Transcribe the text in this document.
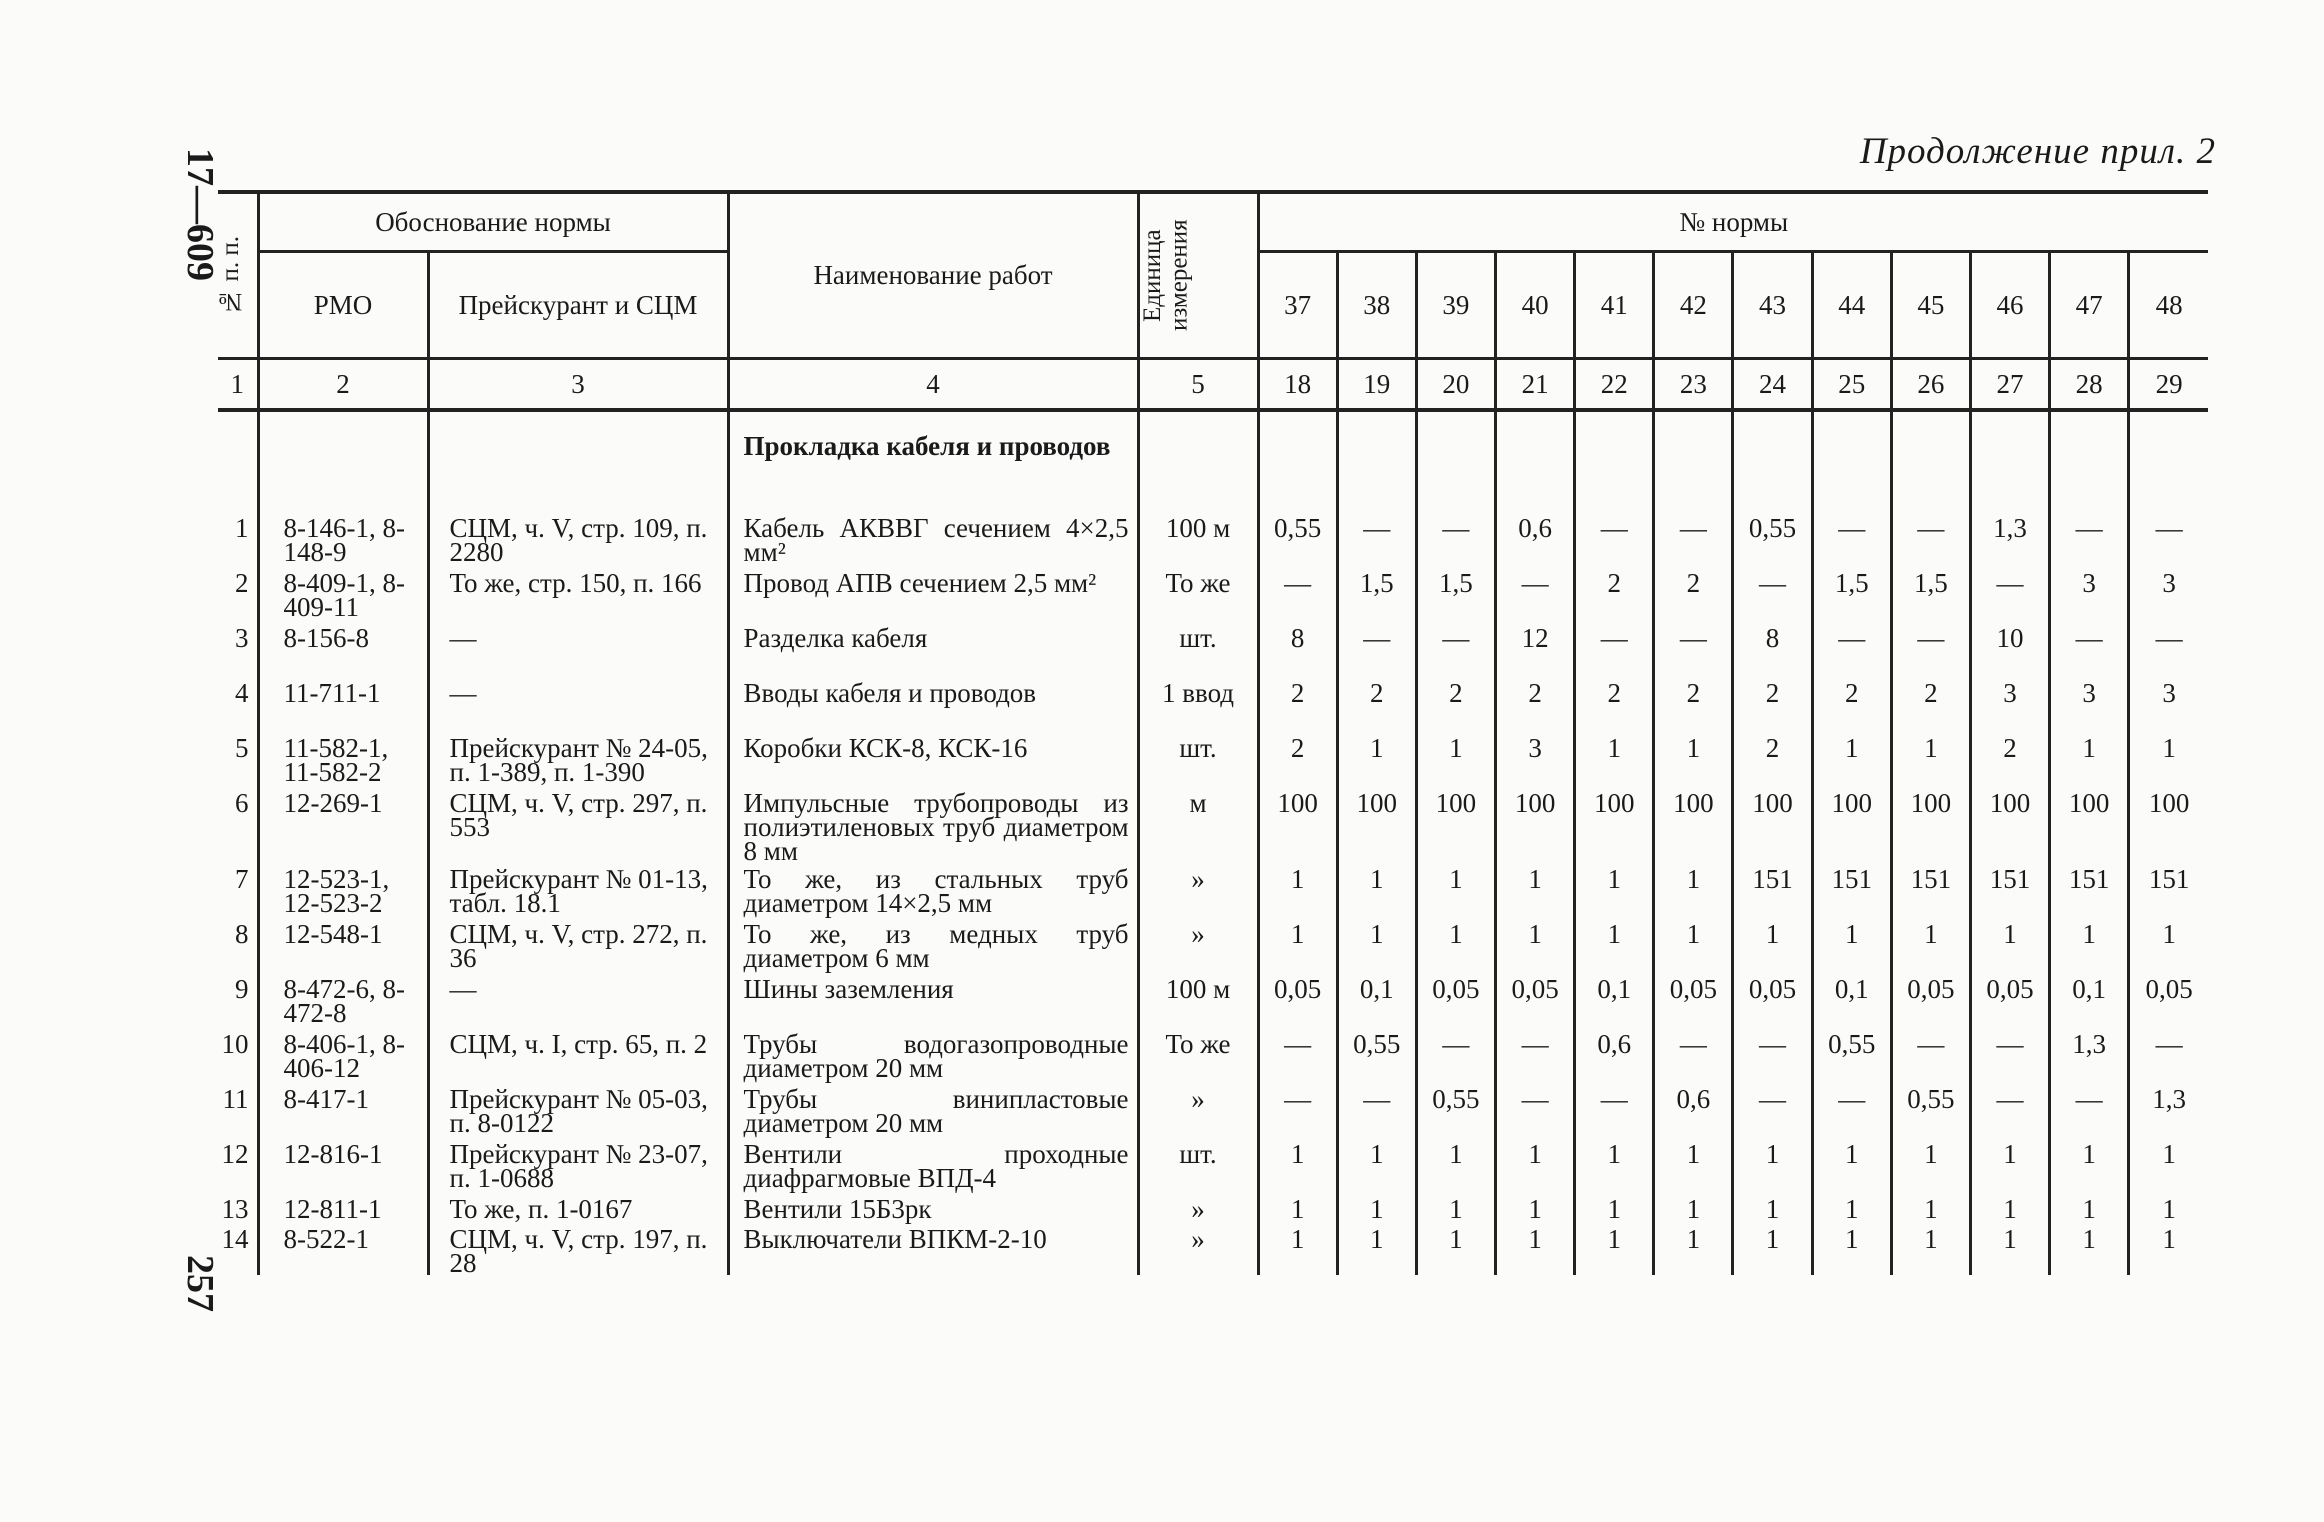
17—609
257
Продолжение прил. 2
№ п. п.	Обоснование нормы		Наименование работ	Единица измерения	№ нормы											
	РМО	Прейскурант и СЦМ			37	38	39	40	41	42	43	44	45	46	47	48
1	2	3	4	5	18	19	20	21	22	23	24	25	26	27	28	29
			Прокладка кабеля и проводов													
1	8-146-1, 8-148-9	СЦМ, ч. V, стр. 109, п. 2280	Кабель АКВВГ сечением 4×2,5 мм²	100 м	0,55	—	—	0,6	—	—	0,55	—	—	1,3	—	—
2	8-409-1, 8-409-11	То же, стр. 150, п. 166	Провод АПВ сечением 2,5 мм²	То же	—	1,5	1,5	—	2	2	—	1,5	1,5	—	3	3
3	8-156-8	—	Разделка кабеля	шт.	8	—	—	12	—	—	8	—	—	10	—	—
4	11-711-1	—	Вводы кабеля и проводов	1 ввод	2	2	2	2	2	2	2	2	2	3	3	3
5	11-582-1, 11-582-2	Прейскурант № 24-05, п. 1-389, п. 1-390	Коробки КСК-8, КСК-16	шт.	2	1	1	3	1	1	2	1	1	2	1	1
6	12-269-1	СЦМ, ч. V, стр. 297, п. 553	Импульсные трубопроводы из полиэтиленовых труб диаметром 8 мм	м	100	100	100	100	100	100	100	100	100	100	100	100
7	12-523-1, 12-523-2	Прейскурант № 01-13, табл. 18.1	То же, из стальных труб диаметром 14×2,5 мм	»	1	1	1	1	1	1	151	151	151	151	151	151
8	12-548-1	СЦМ, ч. V, стр. 272, п. 36	То же, из медных труб диаметром 6 мм	»	1	1	1	1	1	1	1	1	1	1	1	1
9	8-472-6, 8-472-8	—	Шины заземления	100 м	0,05	0,1	0,05	0,05	0,1	0,05	0,05	0,1	0,05	0,05	0,1	0,05
10	8-406-1, 8-406-12	СЦМ, ч. I, стр. 65, п. 2	Трубы водогазопроводные диаметром 20 мм	То же	—	0,55	—	—	0,6	—	—	0,55	—	—	1,3	—
11	8-417-1	Прейскурант № 05-03, п. 8-0122	Трубы винипластовые диаметром 20 мм	»	—	—	0,55	—	—	0,6	—	—	0,55	—	—	1,3
12	12-816-1	Прейскурант № 23-07, п. 1-0688	Вентили проходные диафрагмовые ВПД-4	шт.	1	1	1	1	1	1	1	1	1	1	1	1
13	12-811-1	То же, п. 1-0167	Вентили 15Б3рк	»	1	1	1	1	1	1	1	1	1	1	1	1
14	8-522-1	СЦМ, ч. V, стр. 197, п. 28	Выключатели ВПКМ-2-10	»	1	1	1	1	1	1	1	1	1	1	1	1
